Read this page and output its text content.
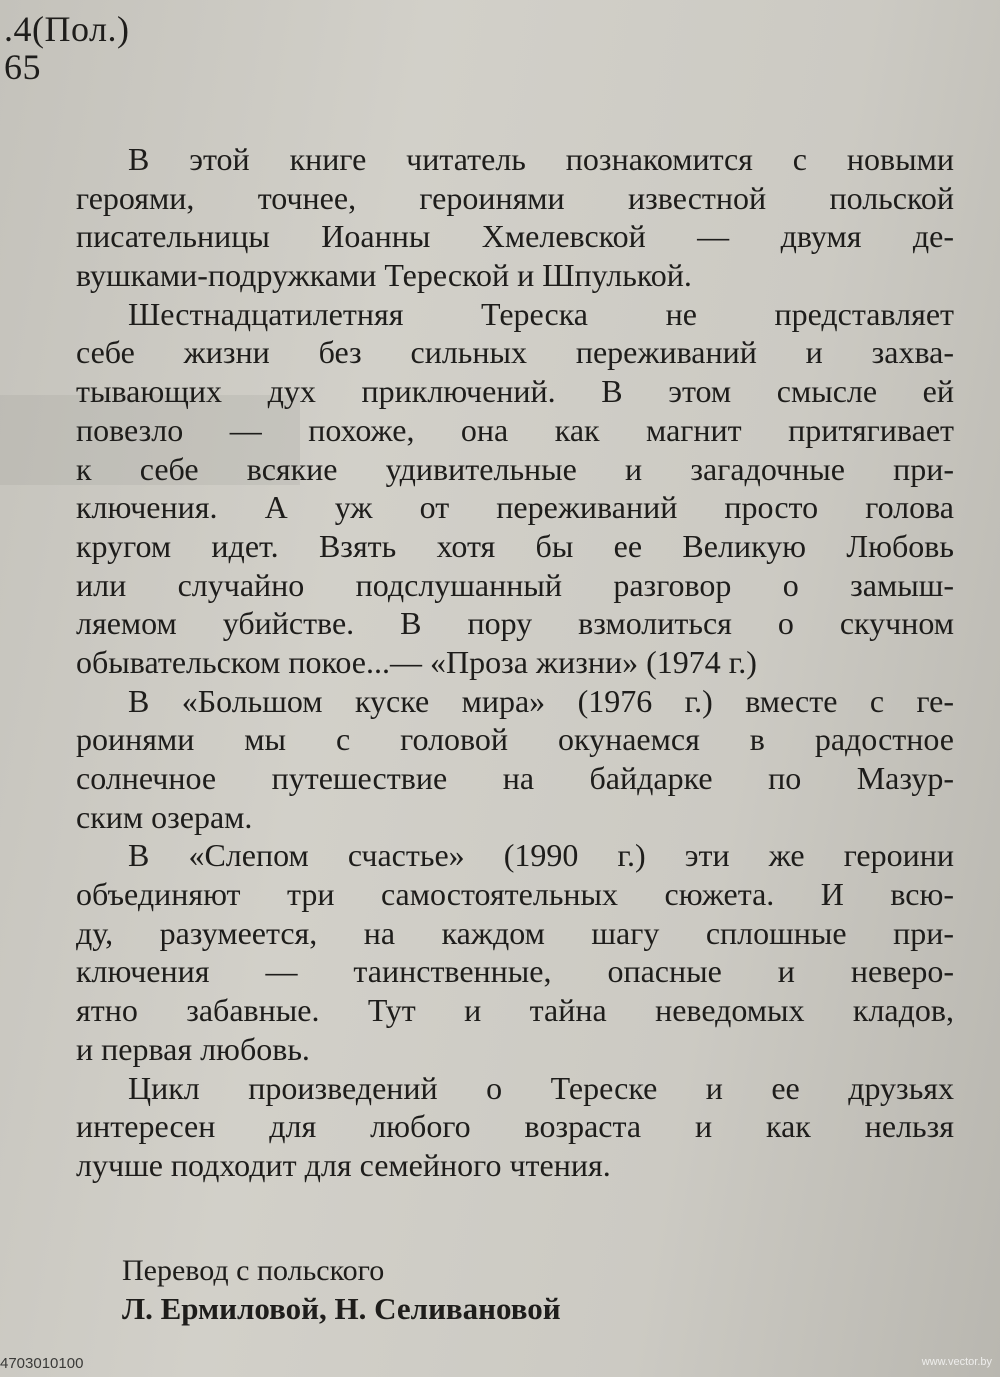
.4(Пол.)
65
В этой книге читатель познакомится с новыми
героями, точнее, героинями известной польской
писательницы Иоанны Хмелевской — двумя де-
вушками-подружками Тереской и Шпулькой.
Шестнадцатилетняя Тереска не представляет
себе жизни без сильных переживаний и захва-
тывающих дух приключений. В этом смысле ей
повезло — похоже, она как магнит притягивает
к себе всякие удивительные и загадочные при-
ключения. А уж от переживаний просто голова
кругом идет. Взять хотя бы ее Великую Любовь
или случайно подслушанный разговор о замыш-
ляемом убийстве. В пору взмолиться о скучном
обывательском покое...— «Проза жизни» (1974 г.)
В «Большом куске мира» (1976 г.) вместе с ге-
роинями мы с головой окунаемся в радостное
солнечное путешествие на байдарке по Мазур-
ским озерам.
В «Слепом счастье» (1990 г.) эти же героини
объединяют три самостоятельных сюжета. И всю-
ду, разумеется, на каждом шагу сплошные при-
ключения — таинственные, опасные и неверо-
ятно забавные. Тут и тайна неведомых кладов,
и первая любовь.
Цикл произведений о Тереске и ее друзьях
интересен для любого возраста и как нельзя
лучше подходит для семейного чтения.
Перевод с польского
Л. Ермиловой, Н. Селивановой
4703010100	www.vector.by
